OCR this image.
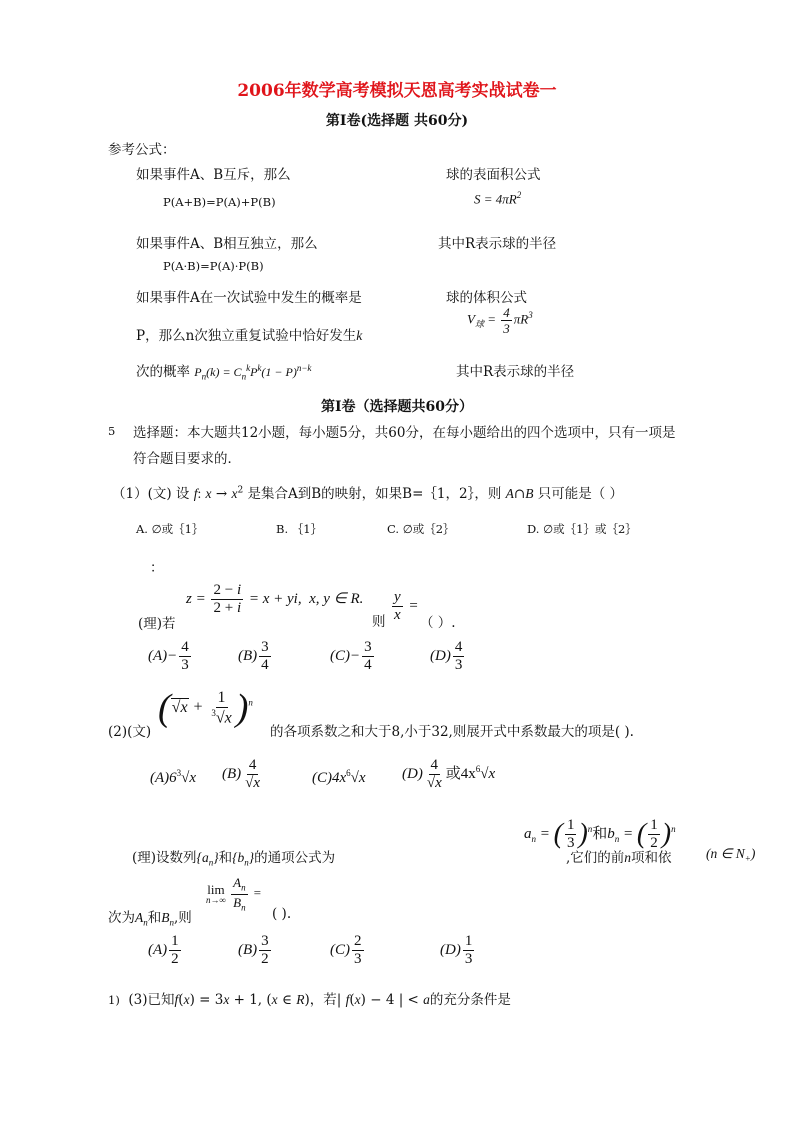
2006年数学高考模拟天恩高考实战试卷一
第Ⅰ卷(选择题 共60分)
参考公式：
如果事件A、B互斥，那么
P(A+B)=P(A)+P(B)
如果事件A、B相互独立，那么
P(A·B)=P(A)·P(B)
如果事件A在一次试验中发生的概率是
P，那么n次独立重复试验中恰好发生k
次的概率 $P_n(k) = C_n^kP^k(1 - P)^{n-k}$
球的表面积公式
$S = 4\pi R^2$
其中R表示球的半径
球的体积公式
$V_球 = \frac{4}{3} \pi R^3$
其中R表示球的半径
第Ⅰ卷（选择题共60分）
5 选择题：本大题共12小题，每小题5分，共60分，在每小题给出的四个选项中，只有一项是
符合题目要求的．
（1）(文) 设 f: $x \to x^2$ 是集合A到B的映射，如果B=｛1，2｝，则 A∩B 只可能是（ ）
A. ∅或｛1｝	B. ｛1｝	C. ∅或｛2｝	D. ∅或｛1｝或｛2｝
：
$z = \frac{2 - i}{2 + i} = x$ + yi,  x, y ∈ R.
(理)若	则 $\frac{y}{x}$ =
（ ）.
$(A)- \frac{4}{3}$	$(B) \frac{3}{4}$	$(C)- \frac{3}{4}$	$(D) \frac{4}{3}$
$(√x + \frac{1}{^3√x} )^n$
(2)(文)	的各项系数之和大于8,小于32,则展开式中系数最大的项是( ).
$(A)6^3√x$ $(B) \frac{4}{√x}$	$(C)4x^6√x$ $(D) \frac{4}{√x}$ 或$4x^6√x$
$a_n$ = ( $\frac{1}{3} )^n$和$b_n$ = ( $\frac{1}{2} )^n$
(理)设数列$\{a_n\}$和$\{b_n\}$的通项公式为	(n ∈ $N_+$)
,它们的前n项和依
lim
n→∞
$\frac{A_n}{B_n}$ =
次为$A_n$和$B_n$,则	( ).
$(A) \frac{1}{2}$	$(B) \frac{3}{2}$	$(C) \frac{2}{3}$	$(D) \frac{1}{3}$
1) (3)已知f(x) = 3x + 1, (x ∈ R)，若| f(x) − 4 | < a的充分条件是
